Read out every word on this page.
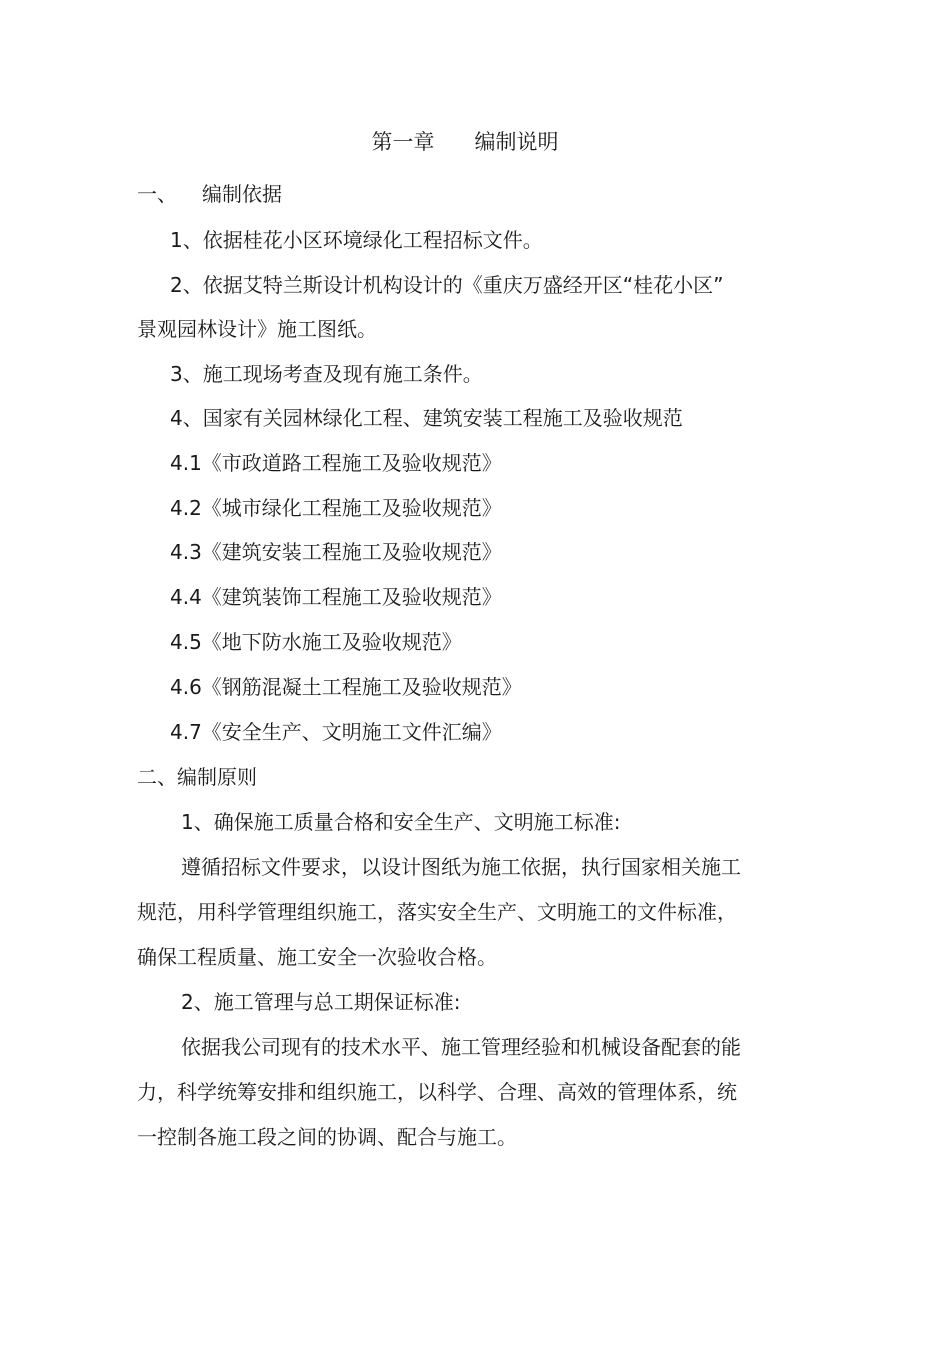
第一章      编制说明
一、 编制依据
1、依据桂花小区环境绿化工程招标文件。
2、依据艾特兰斯设计机构设计的《重庆万盛经开区“桂花小区”
景观园林设计》施工图纸。
3、施工现场考查及现有施工条件。
4、国家有关园林绿化工程、建筑安装工程施工及验收规范
4.1《市政道路工程施工及验收规范》
4.2《城市绿化工程施工及验收规范》
4.3《建筑安装工程施工及验收规范》
4.4《建筑装饰工程施工及验收规范》
4.5《地下防水施工及验收规范》
4.6《钢筋混凝土工程施工及验收规范》
4.7《安全生产、文明施工文件汇编》
二、编制原则
1、确保施工质量合格和安全生产、文明施工标准:
遵循招标文件要求，以设计图纸为施工依据，执行国家相关施工
规范，用科学管理组织施工，落实安全生产、文明施工的文件标准，
确保工程质量、施工安全一次验收合格。
2、施工管理与总工期保证标准:
依据我公司现有的技术水平、施工管理经验和机械设备配套的能
力，科学统筹安排和组织施工，以科学、合理、高效的管理体系，统
一控制各施工段之间的协调、配合与施工。
